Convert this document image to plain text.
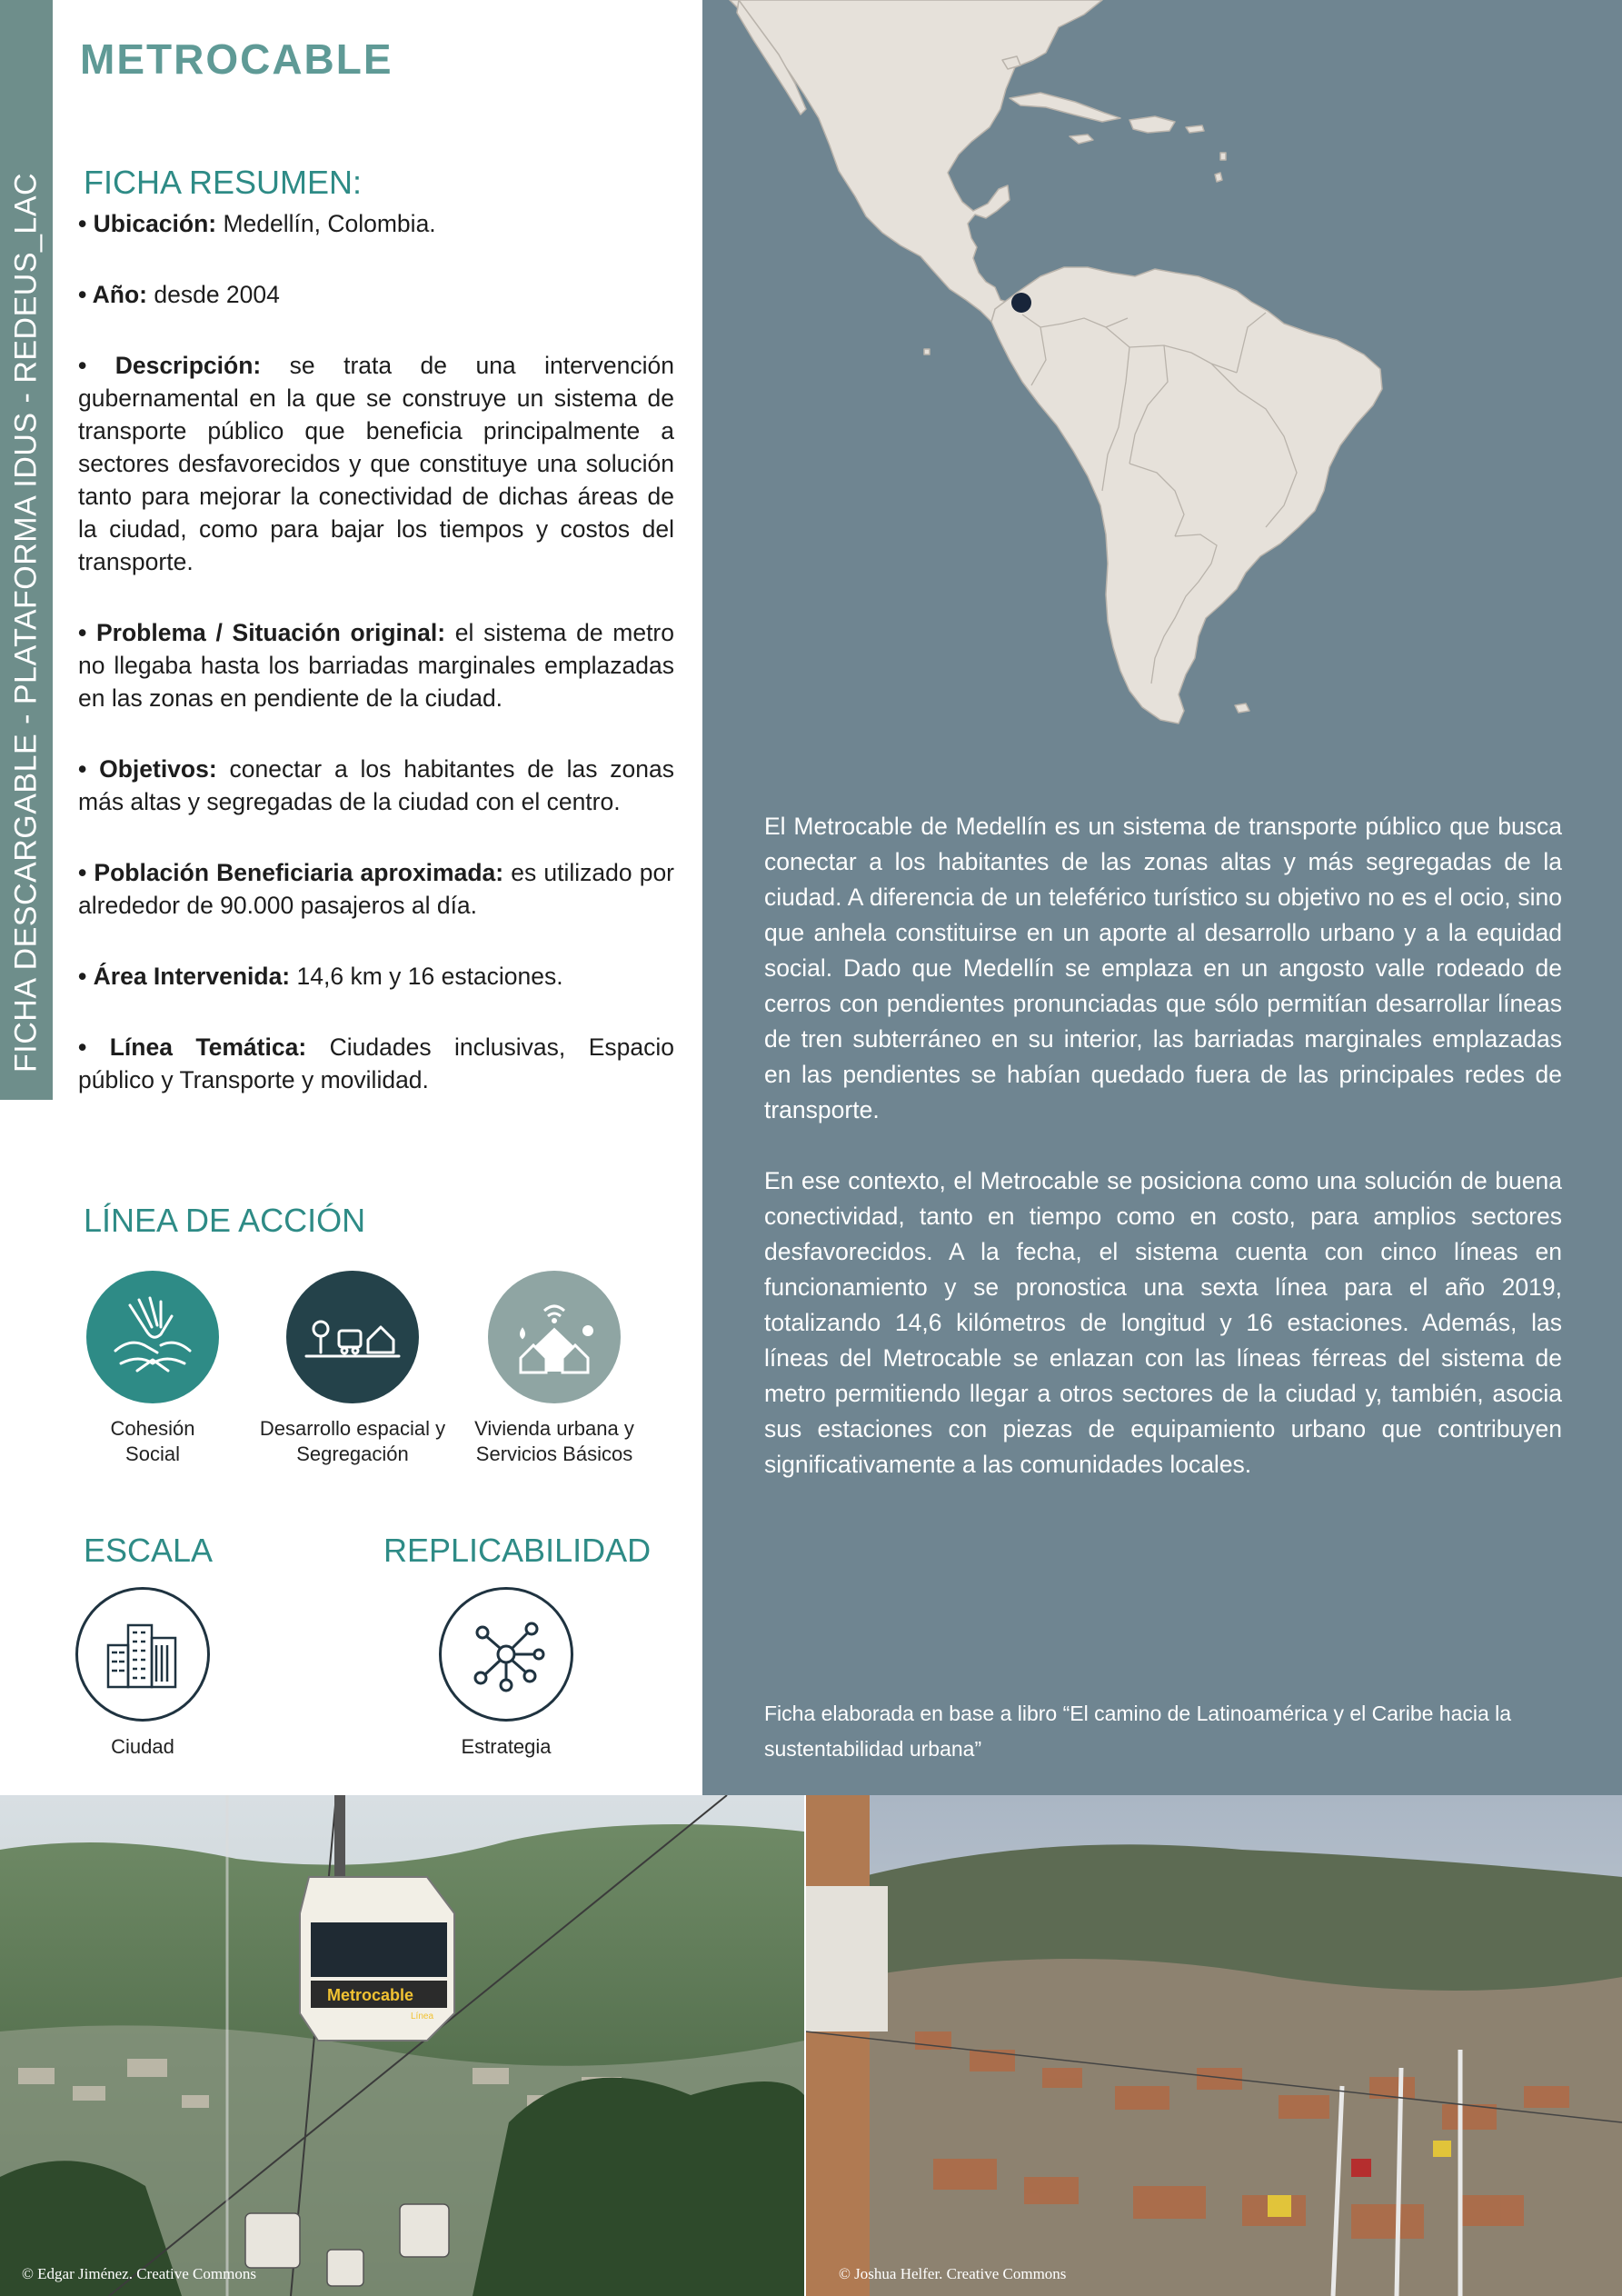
FICHA DESCARGABLE - PLATAFORMA IDUS - REDEUS_LAC
METROCABLE
FICHA RESUMEN:
• Ubicación: Medellín, Colombia.
• Año: desde 2004
• Descripción: se trata de una intervención gubernamental en la que se construye un sistema de transporte público que beneficia principalmente a sectores desfavorecidos y que constituye una solución tanto para mejorar la conectividad de dichas áreas de la ciudad, como para bajar los tiempos y costos del transporte.
• Problema / Situación original: el sistema de metro no llegaba hasta los barriadas marginales emplazadas en las zonas en pendiente de la ciudad.
• Objetivos: conectar a los habitantes de las zonas más altas y segregadas de la ciudad con el centro.
• Población Beneficiaria aproximada: es utilizado por alrededor de 90.000 pasajeros al día.
• Área Intervenida: 14,6 km y 16 estaciones.
• Línea Temática: Ciudades inclusivas, Espacio público y Transporte y movilidad.
LÍNEA DE ACCIÓN
Cohesión
Social
Desarrollo espacial y
Segregación
Vivienda urbana y
Servicios Básicos
ESCALA
Ciudad
REPLICABILIDAD
Estrategia

El Metrocable de Medellín es un sistema de transporte público que busca conectar a los habitantes de las zonas altas y más segregadas de la ciudad. A diferencia de un teleférico turístico su objetivo no es el ocio, sino que anhela constituirse en un aporte al desarrollo urbano y a la equidad social. Dado que Medellín se emplaza en un angosto valle rodeado de cerros con pendientes pronunciadas que sólo permitían desarrollar líneas de tren subterráneo en su interior, las barriadas marginales emplazadas en las pendientes se habían quedado fuera de las principales redes de transporte.

En ese contexto, el Metrocable se posiciona como una solución de buena conectividad, tanto en tiempo como en costo, para amplios sectores desfavorecidos. A la fecha, el sistema cuenta con cinco líneas en funcionamiento y se pronostica una sexta línea para el año 2019, totalizando 14,6 kilómetros de longitud y 16 estaciones. Además, las líneas del Metrocable se enlazan con las líneas férreas del sistema de metro permitiendo llegar a otros sectores de la ciudad y, también, asocia sus estaciones con piezas de equipamiento urbano que contribuyen significativamente a las comunidades locales.

Ficha elaborada en base a libro “El camino de Latinoamérica y el Caribe hacia la sustentabilidad urbana”
Metrocable
Línea
© Edgar Jiménez. Creative Commons	© Joshua Helfer. Creative Commons
